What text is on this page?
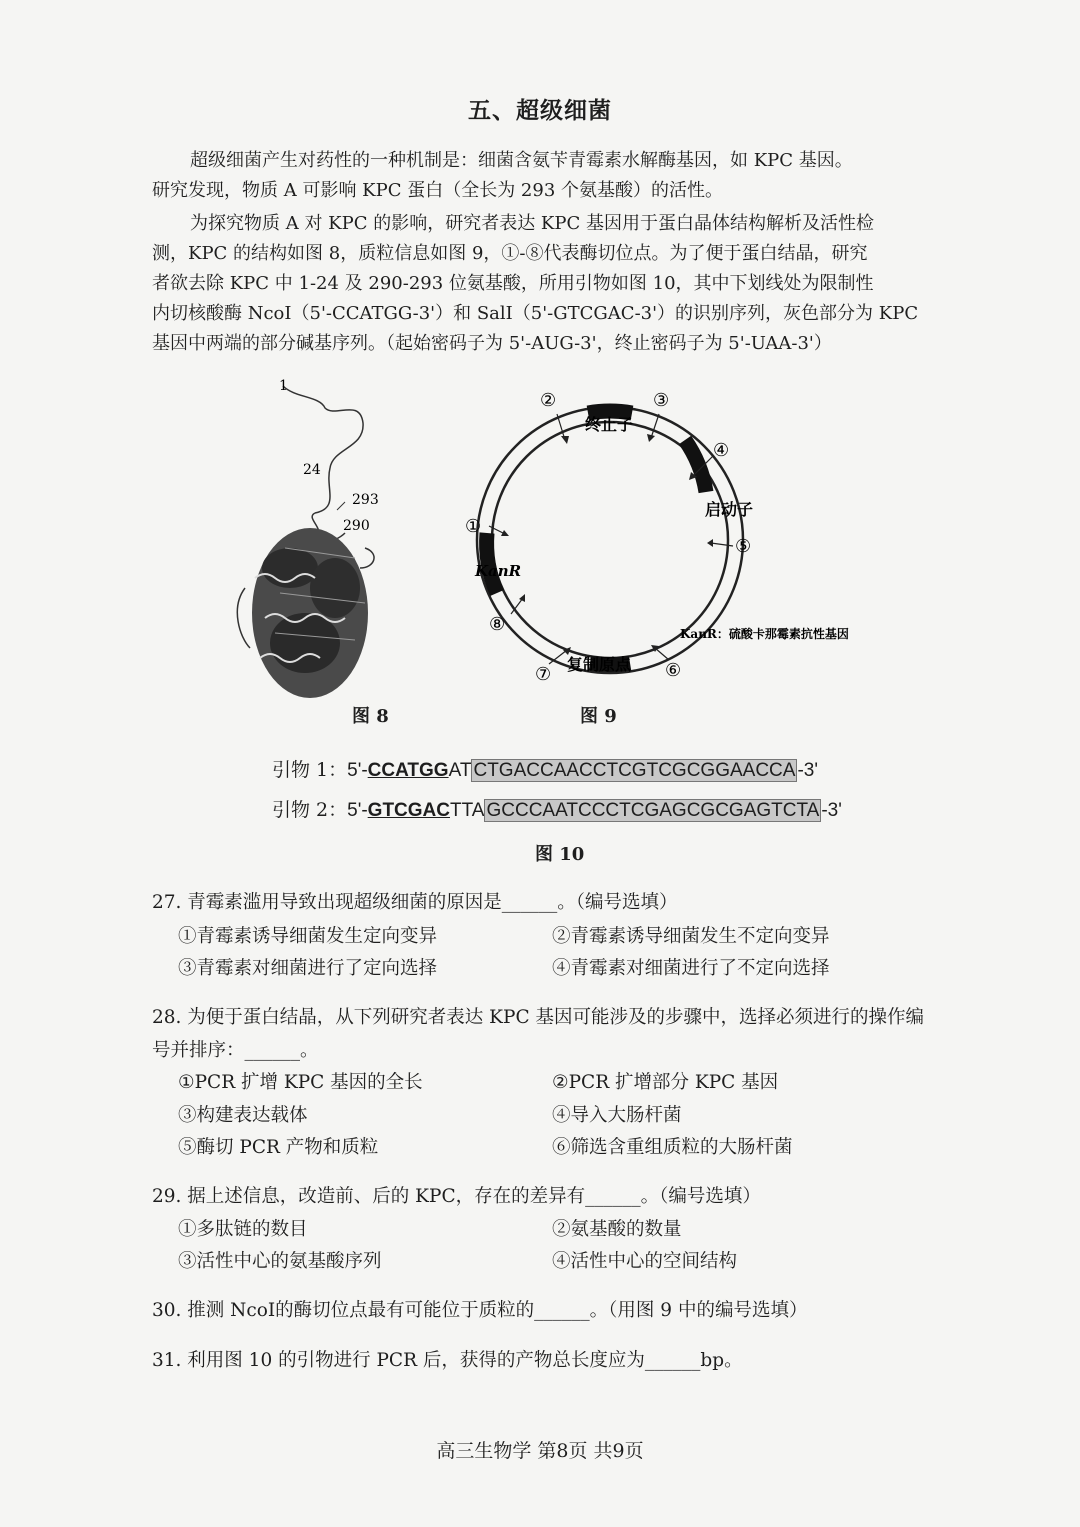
五、超级细菌
超级细菌产生对药性的一种机制是：细菌含氨苄青霉素水解酶基因，如 KPC 基因。
研究发现，物质 A 可影响 KPC 蛋白（全长为 293 个氨基酸）的活性。
为探究物质 A 对 KPC 的影响，研究者表达 KPC 基因用于蛋白晶体结构解析及活性检
测，KPC 的结构如图 8，质粒信息如图 9，①-⑧代表酶切位点。为了便于蛋白结晶，研究
者欲去除 KPC 中 1-24 及 290-293 位氨基酸，所用引物如图 10，其中下划线处为限制性
内切核酸酶 NcoⅠ（5'-CCATGG-3'）和 SalⅠ（5'-GTCGAC-3'）的识别序列，灰色部分为 KPC
基因中两端的部分碱基序列。（起始密码子为 5'-AUG-3'，终止密码子为 5'-UAA-3'）
1
24
293
290
②
终止子
③
④
启动子
⑤
①
KanR
⑧
⑦ 复制原点 ⑥
KanR：硫酸卡那霉素抗性基因
图 8	图 9
引物 1：5'-CCATGGAT CTGACCAACCTCGTCGCGGAACCA -3'
引物 2：5'-GTCGACTTA GCCCAATCCCTCGAGCGCGAGTCTA -3'
图 10
27. 青霉素滥用导致出现超级细菌的原因是______。（编号选填）
①青霉素诱导细菌发生定向变异	②青霉素诱导细菌发生不定向变异
③青霉素对细菌进行了定向选择	④青霉素对细菌进行了不定向选择
28. 为便于蛋白结晶，从下列研究者表达 KPC 基因可能涉及的步骤中，选择必须进行的操作编
号并排序：______。
①PCR 扩增 KPC 基因的全长	②PCR 扩增部分 KPC 基因
③构建表达载体	④导入大肠杆菌
⑤酶切 PCR 产物和质粒	⑥筛选含重组质粒的大肠杆菌
29. 据上述信息，改造前、后的 KPC，存在的差异有______。（编号选填）
①多肽链的数目	②氨基酸的数量
③活性中心的氨基酸序列	④活性中心的空间结构
30. 推测 NcoⅠ的酶切位点最有可能位于质粒的______。（用图 9 中的编号选填）
31. 利用图 10 的引物进行 PCR 后，获得的产物总长度应为______bp。
高三生物学 第8页 共9页
